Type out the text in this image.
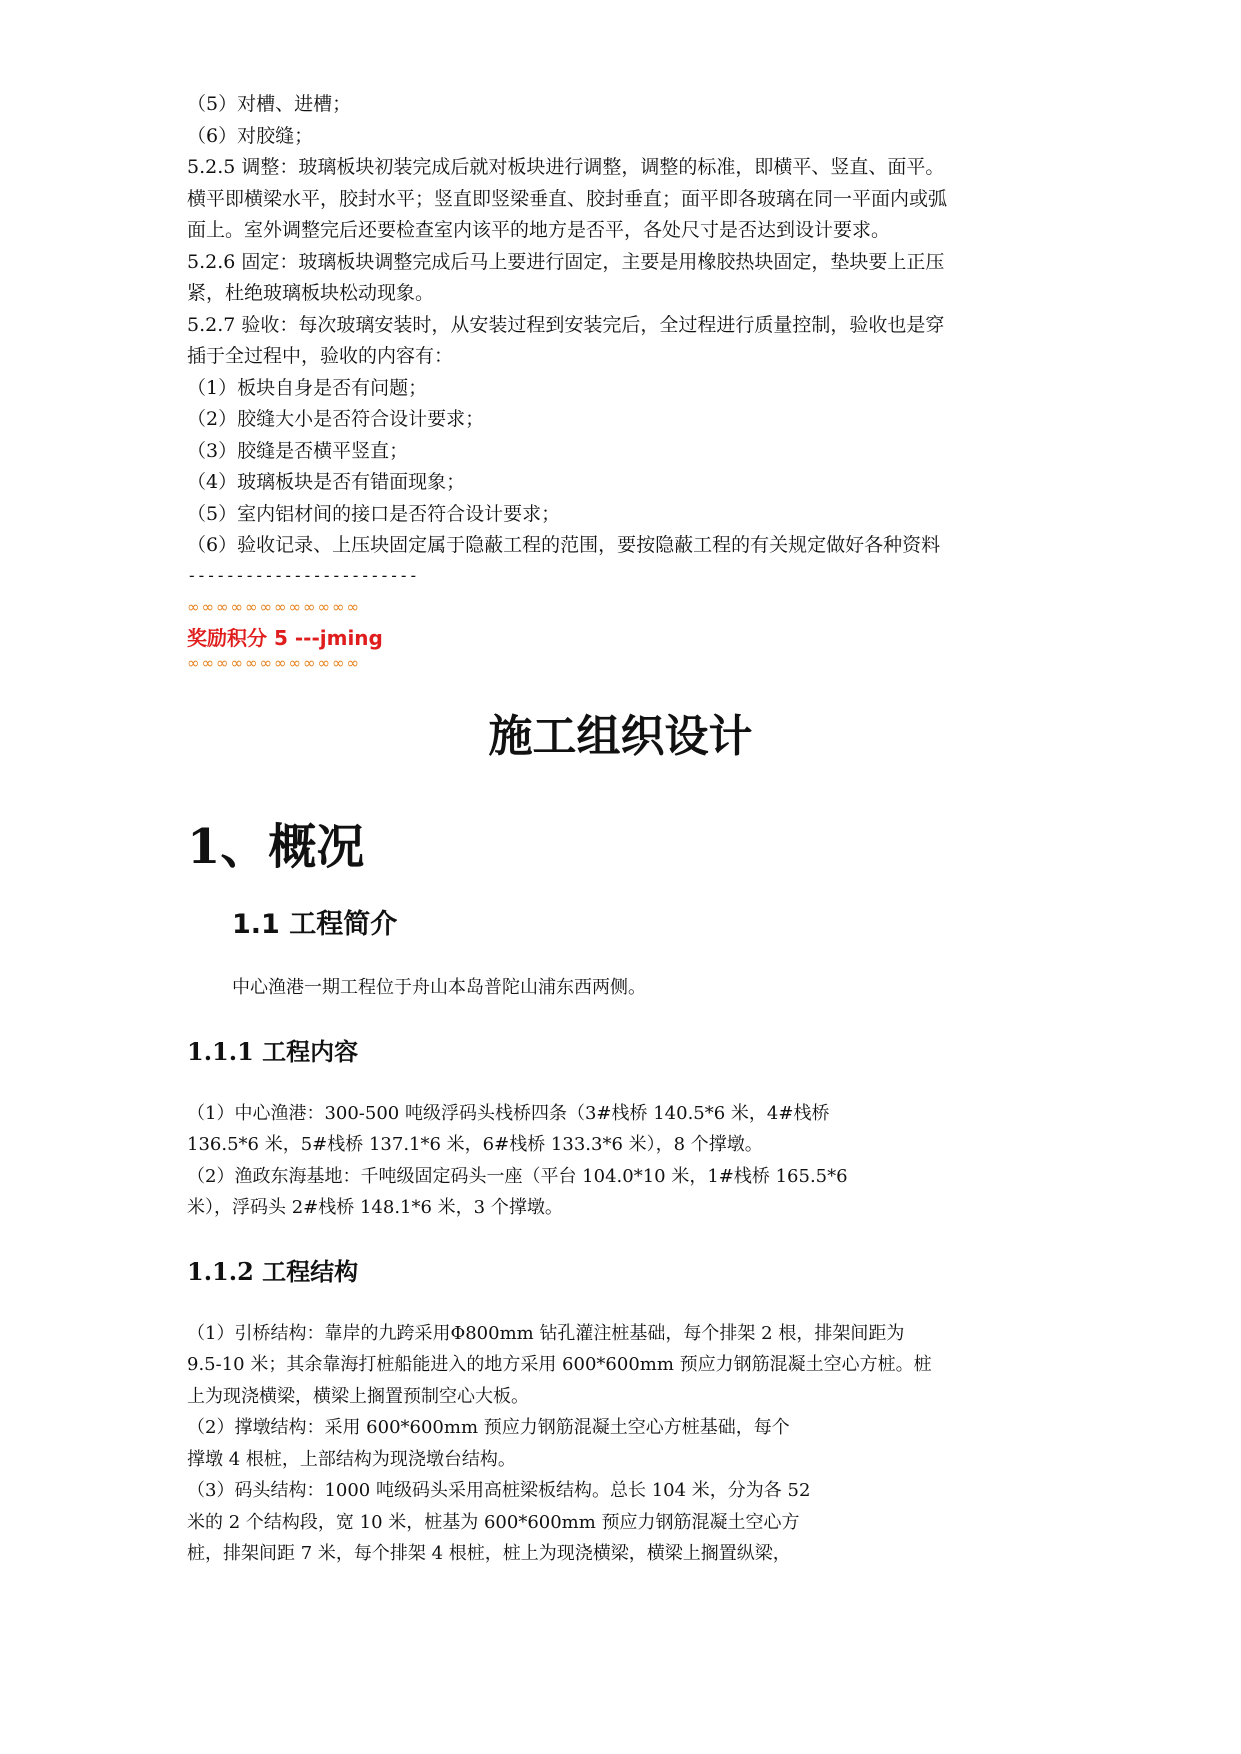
（5）对槽、进槽；
（6）对胶缝；
5.2.5 调整：玻璃板块初装完成后就对板块进行调整，调整的标准，即横平、竖直、面平。
横平即横梁水平，胶封水平；竖直即竖梁垂直、胶封垂直；面平即各玻璃在同一平面内或弧
面上。室外调整完后还要检查室内该平的地方是否平，各处尺寸是否达到设计要求。
5.2.6 固定：玻璃板块调整完成后马上要进行固定，主要是用橡胶热块固定，垫块要上正压
紧，杜绝玻璃板块松动现象。
5.2.7 验收：每次玻璃安装时，从安装过程到安装完后，全过程进行质量控制，验收也是穿
插于全过程中，验收的内容有：
（1）板块自身是否有问题；
（2）胶缝大小是否符合设计要求；
（3）胶缝是否横平竖直；
（4）玻璃板块是否有错面现象；
（5）室内铝材间的接口是否符合设计要求；
（6）验收记录、上压块固定属于隐蔽工程的范围，要按隐蔽工程的有关规定做好各种资料
------------------------
∞∞∞∞∞∞∞∞∞∞∞∞
奖励积分 5 ---jming
∞∞∞∞∞∞∞∞∞∞∞∞
施工组织设计
1、概况
1.1 工程简介
中心渔港一期工程位于舟山本岛普陀山浦东西两侧。
1.1.1 工程内容
（1）中心渔港：300-500 吨级浮码头栈桥四条（3#栈桥 140.5*6 米，4#栈桥
136.5*6 米，5#栈桥 137.1*6 米，6#栈桥 133.3*6 米），8 个撑墩。
（2）渔政东海基地：千吨级固定码头一座（平台 104.0*10 米，1#栈桥 165.5*6
米），浮码头 2#栈桥 148.1*6 米，3 个撑墩。
1.1.2 工程结构
（1）引桥结构：靠岸的九跨采用Φ800mm 钻孔灌注桩基础，每个排架 2 根，排架间距为
9.5-10 米；其余靠海打桩船能进入的地方采用 600*600mm 预应力钢筋混凝土空心方桩。桩
上为现浇横梁，横梁上搁置预制空心大板。
（2）撑墩结构：采用 600*600mm 预应力钢筋混凝土空心方桩基础，每个
撑墩 4 根桩，上部结构为现浇墩台结构。
（3）码头结构：1000 吨级码头采用高桩梁板结构。总长 104 米，分为各 52
米的 2 个结构段，宽 10 米，桩基为 600*600mm 预应力钢筋混凝土空心方
桩，排架间距 7 米，每个排架 4 根桩，桩上为现浇横梁，横梁上搁置纵梁，
